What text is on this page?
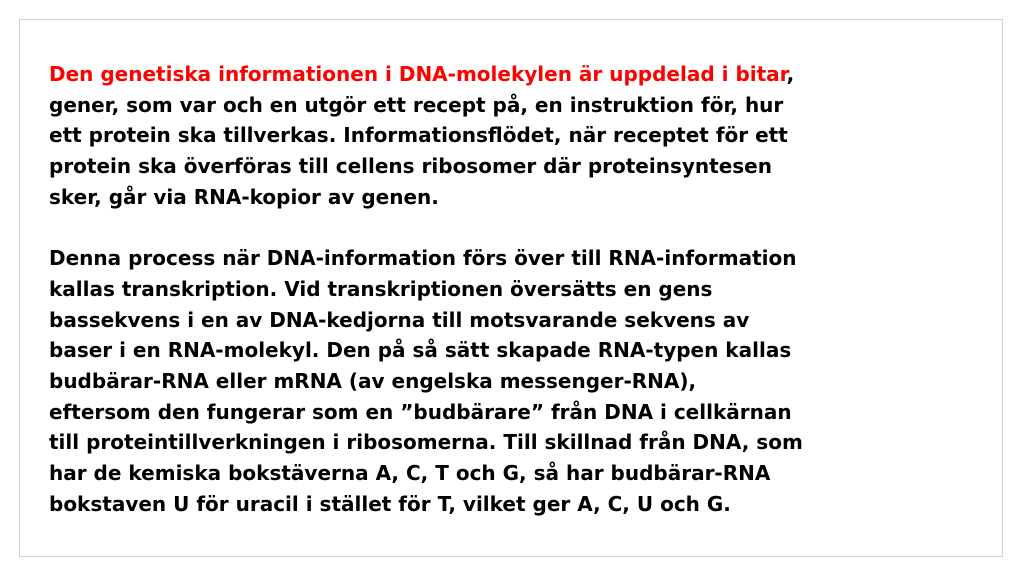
Den genetiska informationen i DNA-molekylen är uppdelad i bitar,
gener, som var och en utgör ett recept på, en instruktion för, hur
ett protein ska tillverkas. Informationsflödet, när receptet för ett
protein ska överföras till cellens ribosomer där proteinsyntesen
sker, går via RNA-kopior av genen.

Denna process när DNA-information förs över till RNA-information
kallas transkription. Vid transkriptionen översätts en gens
bassekvens i en av DNA-kedjorna till motsvarande sekvens av
baser i en RNA-molekyl. Den på så sätt skapade RNA-typen kallas
budbärar-RNA eller mRNA (av engelska messenger-RNA),
eftersom den fungerar som en ”budbärare” från DNA i cellkärnan
till proteintillverkningen i ribosomerna. Till skillnad från DNA, som
har de kemiska bokstäverna A, C, T och G, så har budbärar-RNA
bokstaven U för uracil i stället för T, vilket ger A, C, U och G.
